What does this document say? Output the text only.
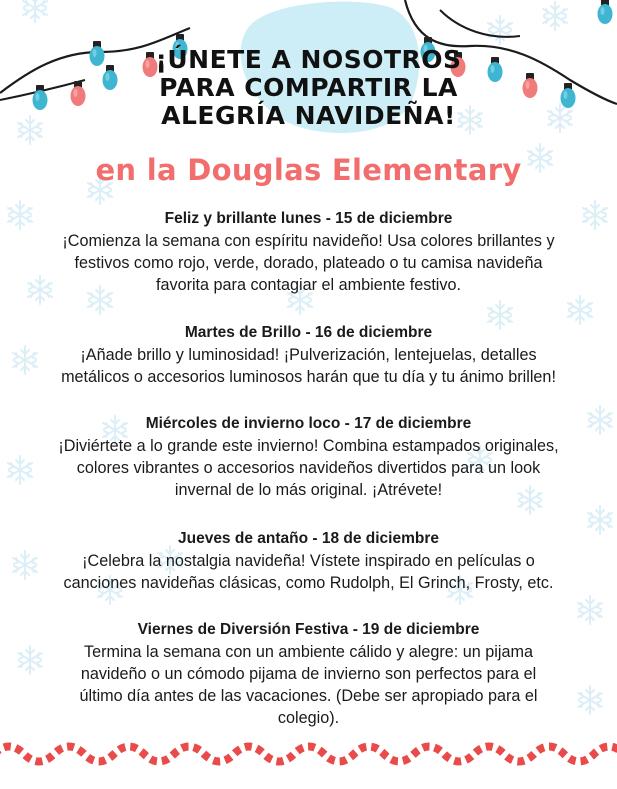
¡ÚNETE A NOSOTROS
PARA COMPARTIR LA
ALEGRÍA NAVIDEÑA!
en la Douglas Elementary
Feliz y brillante lunes - 15 de diciembre
¡Comienza la semana con espíritu navideño! Usa colores brillantes y
festivos como rojo, verde, dorado, plateado o tu camisa navideña
favorita para contagiar el ambiente festivo.
Martes de Brillo - 16 de diciembre
¡Añade brillo y luminosidad! ¡Pulverización, lentejuelas, detalles
metálicos o accesorios luminosos harán que tu día y tu ánimo brillen!
Miércoles de invierno loco - 17 de diciembre
¡Diviértete a lo grande este invierno! Combina estampados originales,
colores vibrantes o accesorios navideños divertidos para un look
invernal de lo más original. ¡Atrévete!
Jueves de antaño - 18 de diciembre
¡Celebra la nostalgia navideña! Vístete inspirado en películas o
canciones navideñas clásicas, como Rudolph, El Grinch, Frosty, etc.
Viernes de Diversión Festiva - 19 de diciembre
Termina la semana con un ambiente cálido y alegre: un pijama
navideño o un cómodo pijama de invierno son perfectos para el
último día antes de las vacaciones. (Debe ser apropiado para el
colegio).
